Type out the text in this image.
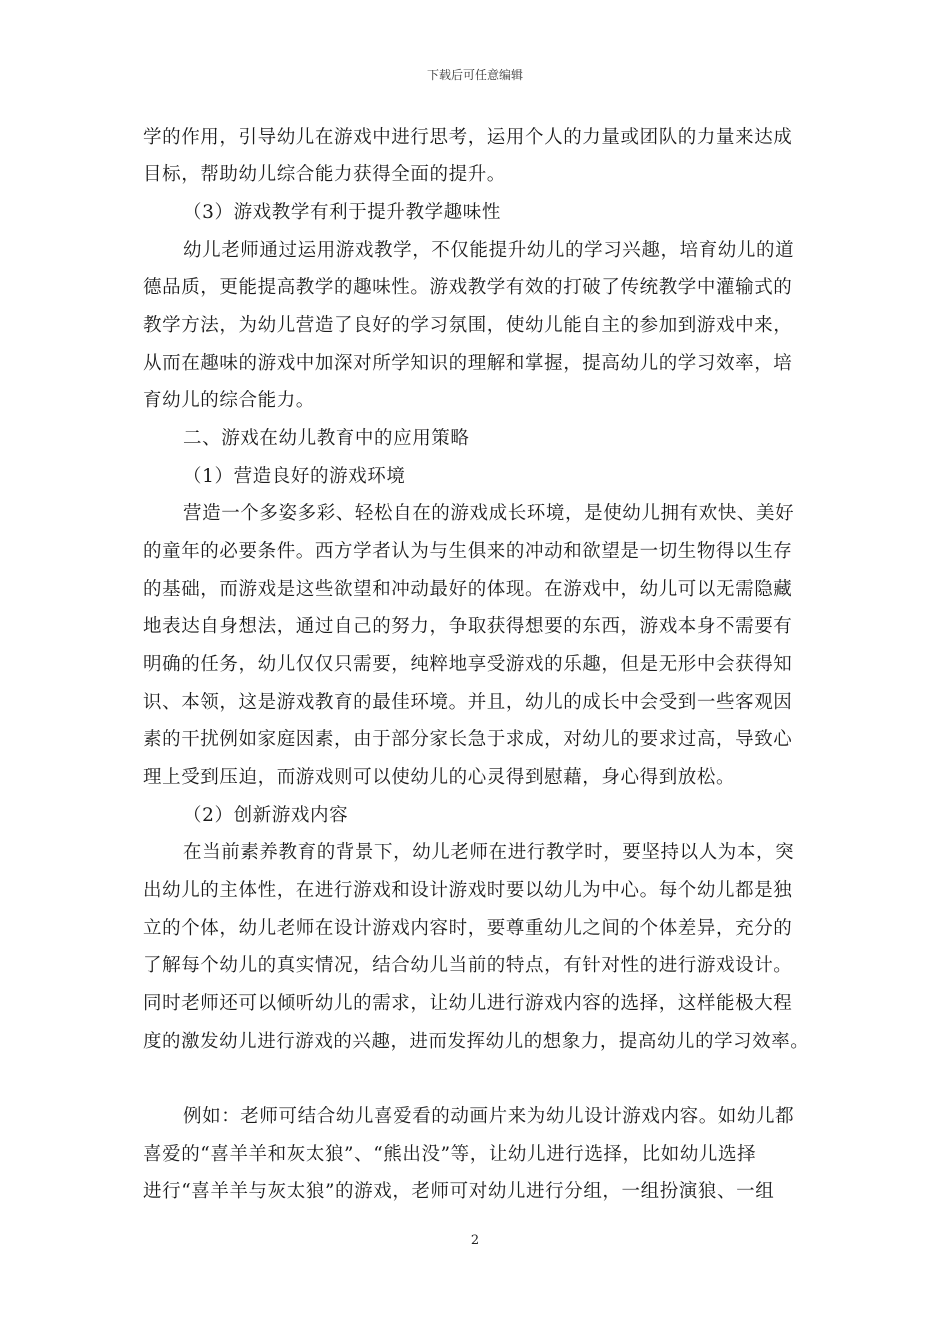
下载后可任意编辑
学的作用，引导幼儿在游戏中进行思考，运用个人的力量或团队的力量来达成
目标，帮助幼儿综合能力获得全面的提升。
（3）游戏教学有利于提升教学趣味性
幼儿老师通过运用游戏教学，不仅能提升幼儿的学习兴趣，培育幼儿的道
德品质，更能提高教学的趣味性。游戏教学有效的打破了传统教学中灌输式的
教学方法，为幼儿营造了良好的学习氛围，使幼儿能自主的参加到游戏中来，
从而在趣味的游戏中加深对所学知识的理解和掌握，提高幼儿的学习效率，培
育幼儿的综合能力。
二、游戏在幼儿教育中的应用策略
（1）营造良好的游戏环境
营造一个多姿多彩、轻松自在的游戏成长环境，是使幼儿拥有欢快、美好
的童年的必要条件。西方学者认为与生俱来的冲动和欲望是一切生物得以生存
的基础，而游戏是这些欲望和冲动最好的体现。在游戏中，幼儿可以无需隐藏
地表达自身想法，通过自己的努力，争取获得想要的东西，游戏本身不需要有
明确的任务，幼儿仅仅只需要，纯粹地享受游戏的乐趣，但是无形中会获得知
识、本领，这是游戏教育的最佳环境。并且，幼儿的成长中会受到一些客观因
素的干扰例如家庭因素，由于部分家长急于求成，对幼儿的要求过高，导致心
理上受到压迫，而游戏则可以使幼儿的心灵得到慰藉，身心得到放松。
（2）创新游戏内容
在当前素养教育的背景下，幼儿老师在进行教学时，要坚持以人为本，突
出幼儿的主体性，在进行游戏和设计游戏时要以幼儿为中心。每个幼儿都是独
立的个体，幼儿老师在设计游戏内容时，要尊重幼儿之间的个体差异，充分的
了解每个幼儿的真实情况，结合幼儿当前的特点，有针对性的进行游戏设计。
同时老师还可以倾听幼儿的需求，让幼儿进行游戏内容的选择，这样能极大程
度的激发幼儿进行游戏的兴趣，进而发挥幼儿的想象力，提高幼儿的学习效率。
例如：老师可结合幼儿喜爱看的动画片来为幼儿设计游戏内容。如幼儿都
喜爱的“喜羊羊和灰太狼”、“熊出没”等，让幼儿进行选择，比如幼儿选择
进行“喜羊羊与灰太狼”的游戏，老师可对幼儿进行分组，一组扮演狼、一组
2
